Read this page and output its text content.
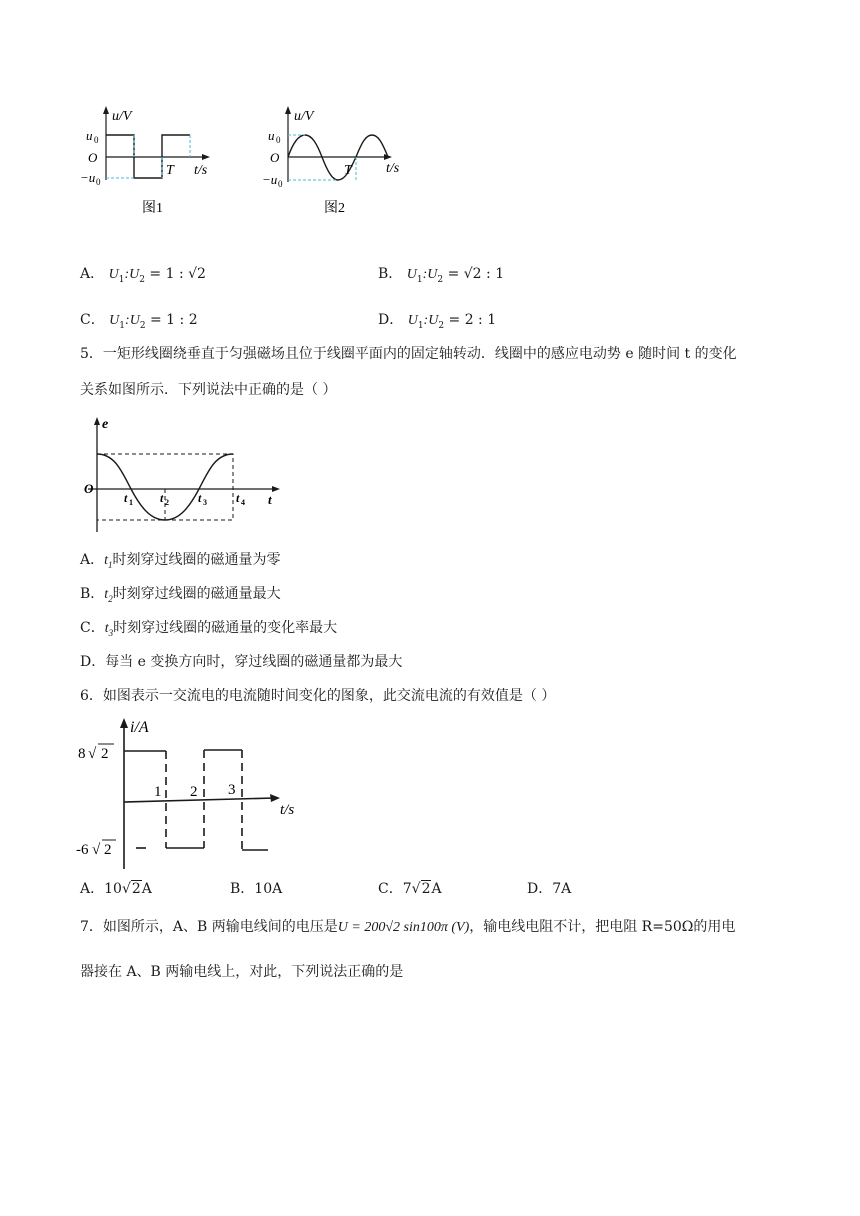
u/V
u 0
O
−u 0
T t/s
图1
u/V
u 0
O
−u 0
T t/s
图2
A． $U_1:U_2 = 1$ : √2	B． $U_1:U_2 = √2$ : 1
C． $U_1:U_2 = 1$ : 2	D． $U_1:U_2 = 2$ : 1
5．一矩形线圈绕垂直于匀强磁场且位于线圈平面内的固定轴转动．线圈中的感应电动势 e 随时间 t 的变化
关系如图所示．下列说法中正确的是（ ）
e
O
t
t 1 t 2 t 3 t 4
A．$t_1$时刻穿过线圈的磁通量为零
B．$t_2$时刻穿过线圈的磁通量最大
C．$t_3$时刻穿过线圈的磁通量的变化率最大
D．每当 e 变换方向时，穿过线圈的磁通量都为最大
6．如图表示一交流电的电流随时间变化的图象，此交流电流的有效值是（ ）
i/A
8 √ 2
-6 √ 2
1 2 3
t/s
A．10√2A	B．10A	C．7√2A	D．7A
7．如图所示，A、B 两输电线间的电压是U = 200√2 sin100π (V)，输电线电阻不计，把电阻 R=50Ω的用电
器接在 A、B 两输电线上，对此，下列说法正确的是
